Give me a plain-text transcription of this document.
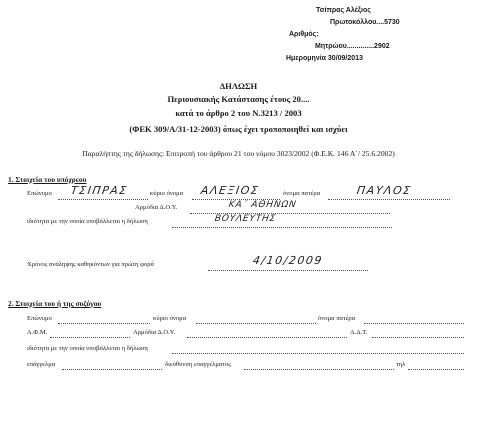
Τσίπρας Αλέξιος
Πρωτοκόλλου....5730
Αριθμός:
Μητρώου..............2902
Ημερομηνία 30/09/2013
ΔΗΛΩΣΗ
Περιουσιακής Κατάστασης έτους 20....
κατά το άρθρο 2 του Ν.3213 / 2003
(ΦΕΚ 309/Α/31-12-2003) όπως έχει τροποποιηθεί και ισχύει
Παραλήπτης της δήλωσης: Επιτροπή του άρθρου 21 του νόμου 3023/2002 (Φ.Ε.Κ. 146 Α΄/ 25.6.2002)
1. Στοιχεία του υπόχρεου
Επώνυμο ΤΣΙΠΡΑΣ	κύριο όνομα ΑΛΕΞΙΟΣ	όνομα πατέρα	ΠΑΥΛΟΣ
Αρμόδια Δ.Ο.Υ.	ΚΑ΄ ΑΘΗΝΩΝ
ιδιότητα με την οποία υποβάλλεται η δήλωση	ΒΟΥΛΕΥΤΗΣ
Χρόνος ανάληψης καθηκόντων για πρώτη φορά	4/10/2009
2. Στοιχεία του ή της συζύγου
Επώνυμο	κύριο όνομα	όνομα πατέρα
Α.Φ.Μ.	Αρμόδια Δ.Ο.Υ.	Α.Δ.Τ.
ιδιότητα με την οποία υποβάλλεται η δήλωση
επάγγελμα	διεύθυνση επαγγέλματος	τηλ
